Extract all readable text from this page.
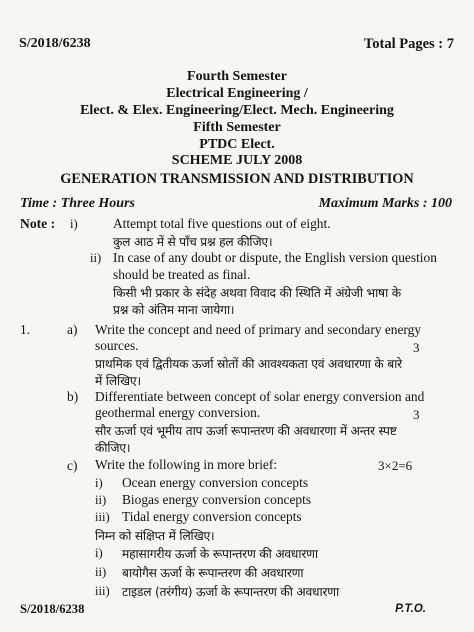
S/2018/6238	Total Pages : 7
Fourth Semester
Electrical Engineering /
Elect. & Elex. Engineering/Elect. Mech. Engineering
Fifth Semester
PTDC Elect.
SCHEME JULY 2008
GENERATION TRANSMISSION AND DISTRIBUTION
Time : Three Hours	Maximum Marks : 100
Note : i)	Attempt total five questions out of eight.
कुल आठ में से पाँच प्रश्न हल कीजिए।
ii) In case of any doubt or dispute, the English version question
should be treated as final.
किसी भी प्रकार के संदेह अथवा विवाद की स्थिति में अंग्रेजी भाषा के
प्रश्न को अंतिम माना जायेगा।
1.	a) Write the concept and need of primary and secondary energy
sources.	3
प्राथमिक एवं द्वितीयक ऊर्जा स्रोतों की आवश्यकता एवं अवधारणा के बारे
में लिखिए।
b) Differentiate between concept of solar energy conversion and
geothermal energy conversion.	3
सौर ऊर्जा एवं भूमीय ताप ऊर्जा रूपान्तरण की अवधारणा में अन्तर स्पष्ट
कीजिए।
c) Write the following in more brief:	3×2=6
i) Ocean energy conversion concepts
ii) Biogas energy conversion concepts
iii) Tidal energy conversion concepts
निम्न को संक्षिप्त में लिखिए।
i) महासागरीय ऊर्जा के रूपान्तरण की अवधारणा
ii) बायोगैस ऊर्जा के रूपान्तरण की अवधारणा
iii) टाइडल (तरंगीय) ऊर्जा के रूपान्तरण की अवधारणा
S/2018/6238	P.T.O.
